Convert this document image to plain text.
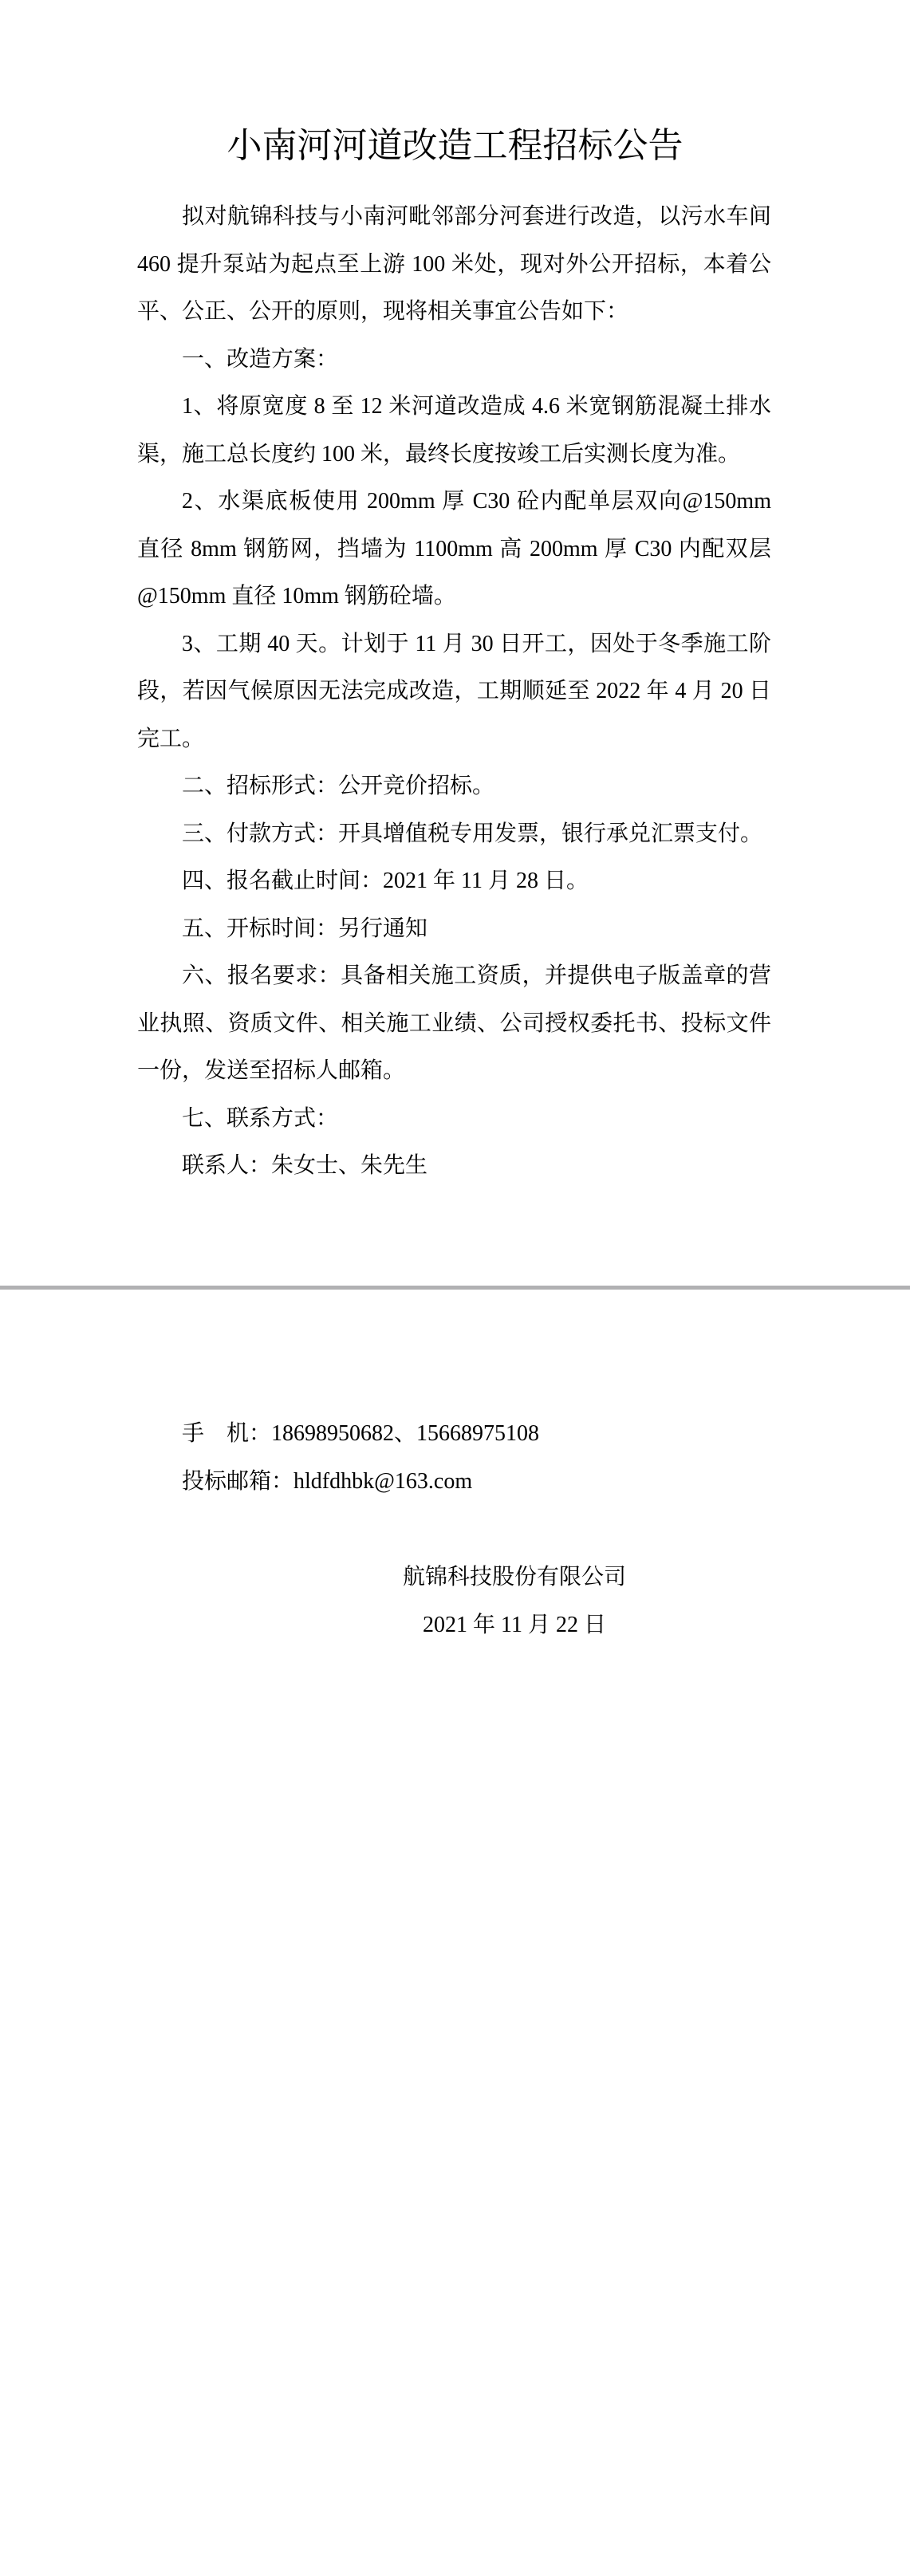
小南河河道改造工程招标公告

拟对航锦科技与小南河毗邻部分河套进行改造，以污水车间 460 提升泵站为起点至上游 100 米处，现对外公开招标，本着公平、公正、公开的原则，现将相关事宜公告如下：

一、改造方案：

1、将原宽度 8 至 12 米河道改造成 4.6 米宽钢筋混凝土排水渠，施工总长度约 100 米，最终长度按竣工后实测长度为准。

2、水渠底板使用 200mm 厚 C30 砼内配单层双向@150mm 直径 8mm 钢筋网，挡墙为 1100mm 高 200mm 厚 C30 内配双层@150mm 直径 10mm 钢筋砼墙。

3、工期 40 天。计划于 11 月 30 日开工，因处于冬季施工阶段，若因气候原因无法完成改造，工期顺延至 2022 年 4 月 20 日完工。

二、招标形式：公开竞价招标。

三、付款方式：开具增值税专用发票，银行承兑汇票支付。

四、报名截止时间：2021 年 11 月 28 日。

五、开标时间：另行通知

六、报名要求：具备相关施工资质，并提供电子版盖章的营业执照、资质文件、相关施工业绩、公司授权委托书、投标文件一份，发送至招标人邮箱。

七、联系方式：

联系人：朱女士、朱先生

手　机：18698950682、15668975108

投标邮箱：hldfdhbk@163.com

航锦科技股份有限公司

2021 年 11 月 22 日
